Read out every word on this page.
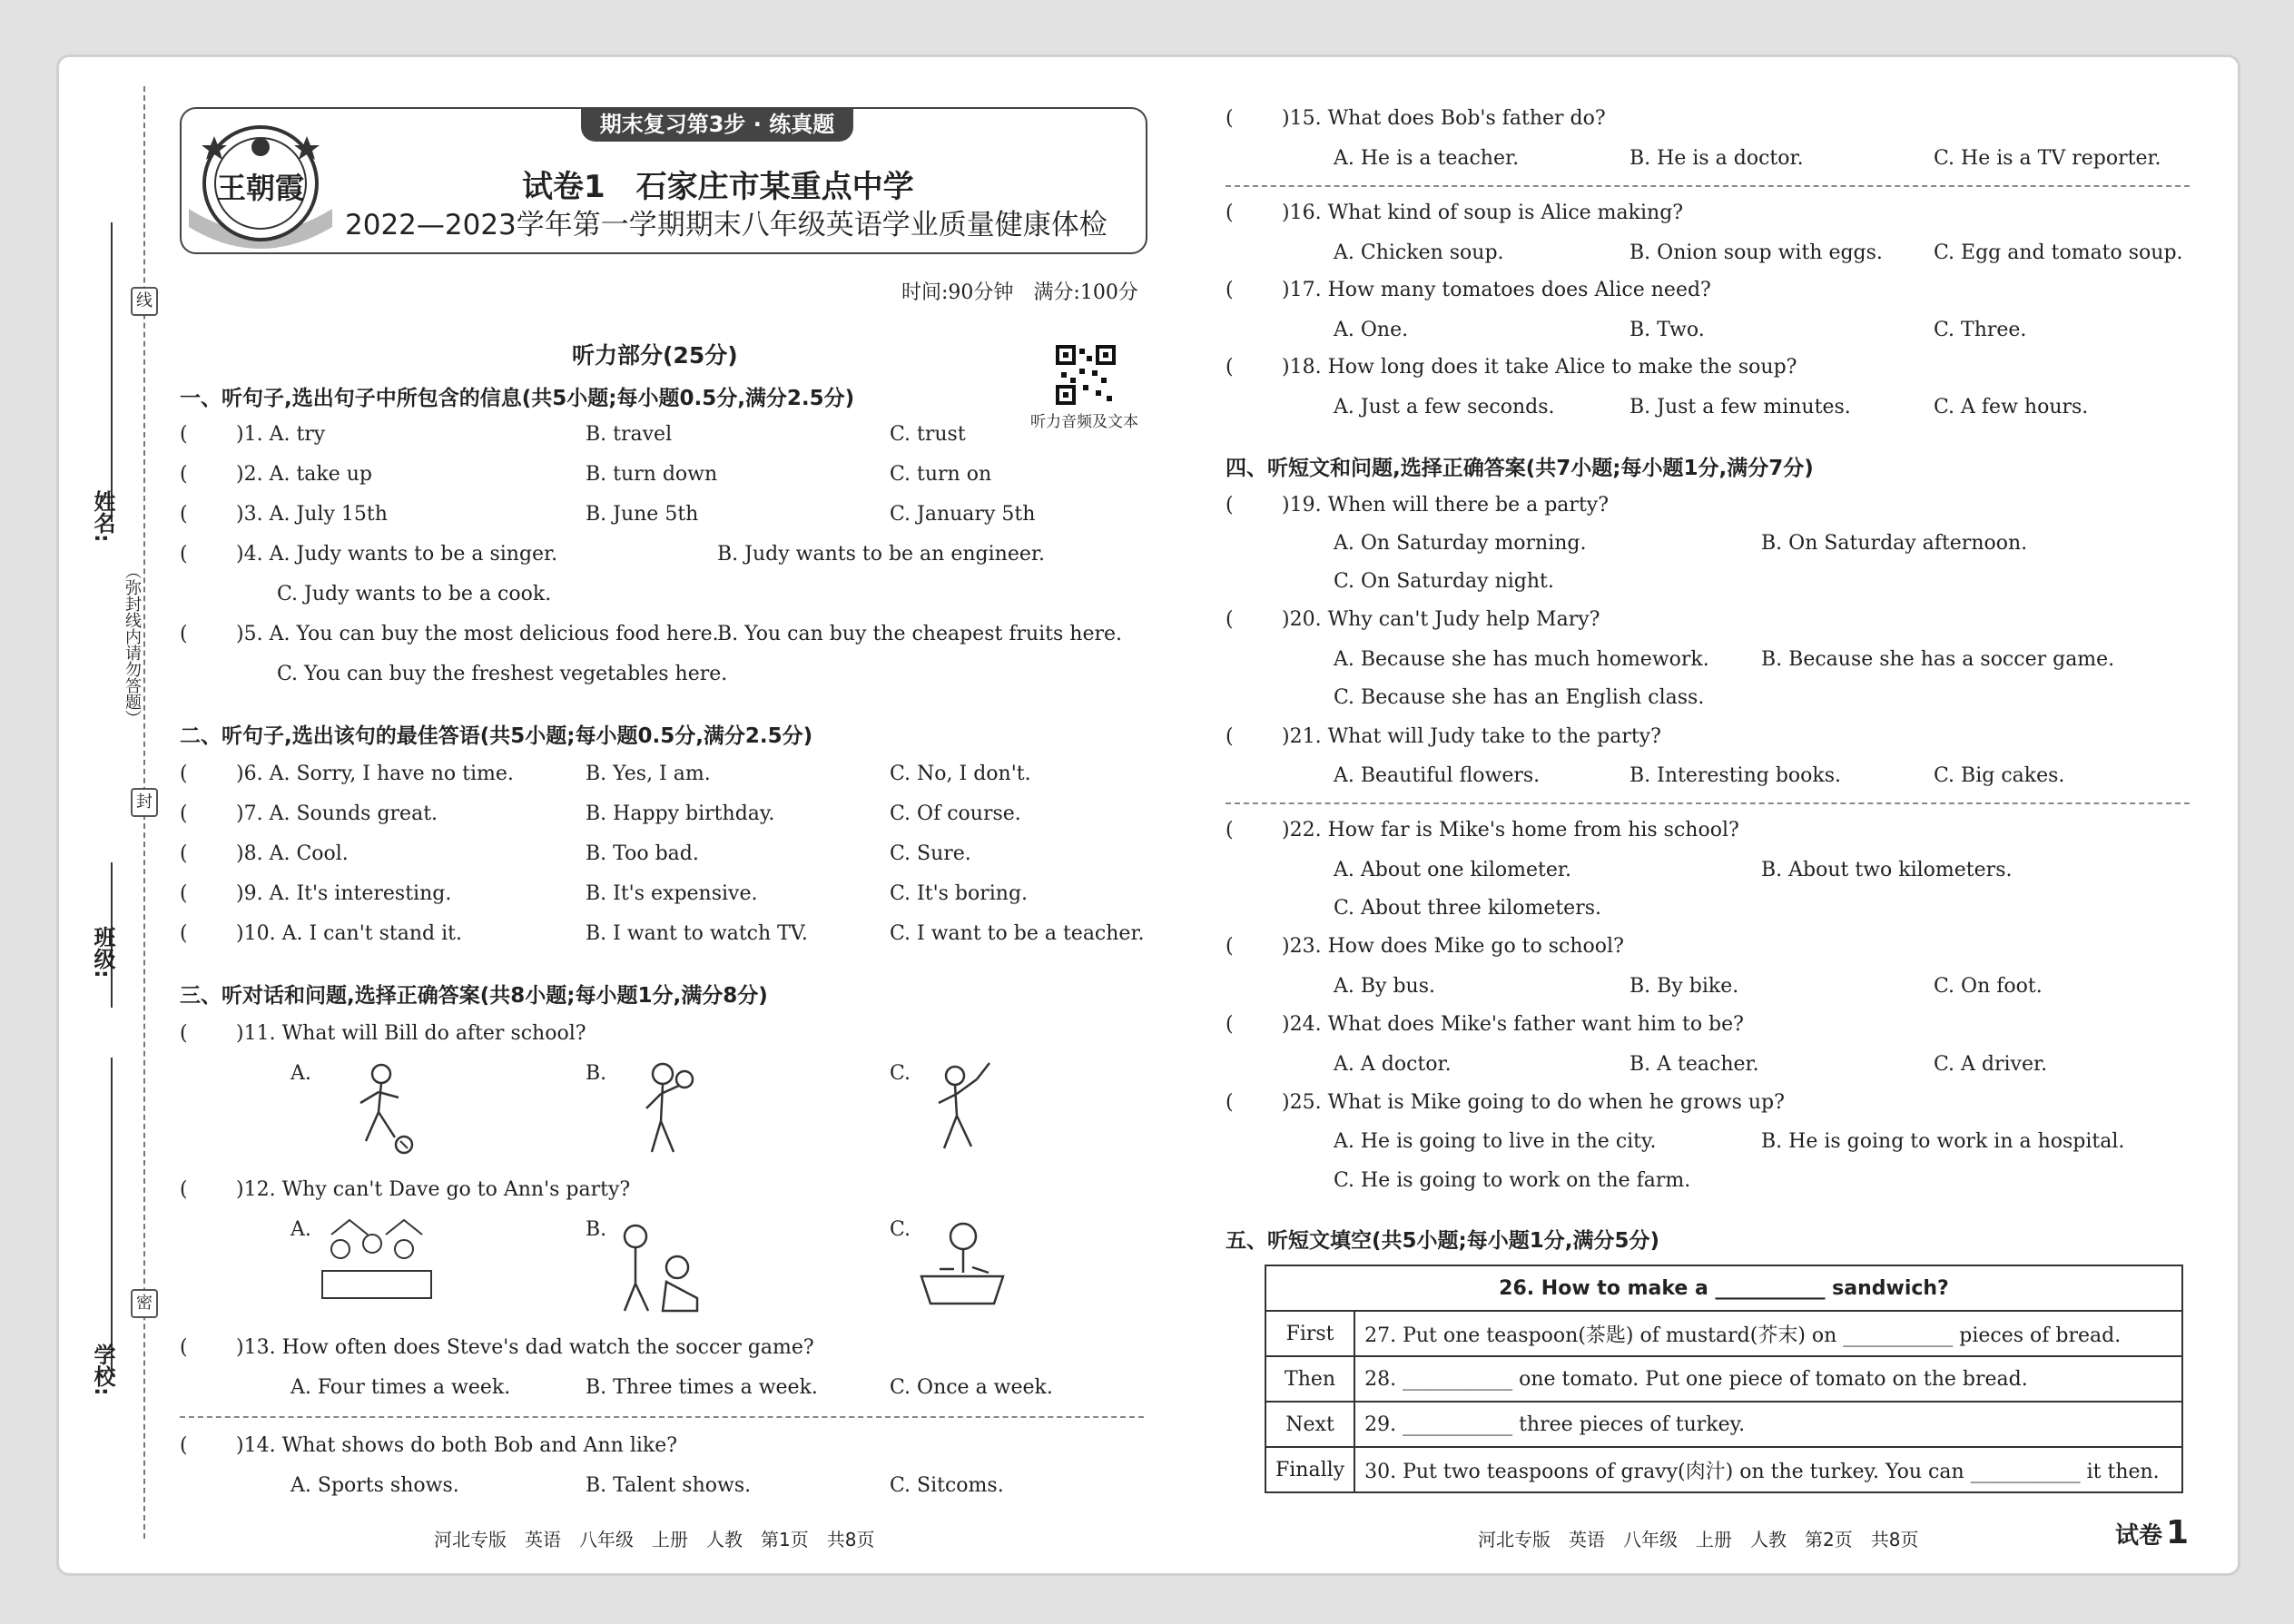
姓名:
班级:
学校:
（弥封线内请勿答题）
线
封
密
期末复习第3步 · 练真题
王朝霞	试卷1　石家庄市某重点中学
2022—2023学年第一学期期末八年级英语学业质量健康体检
时间:90分钟　满分:100分
听力音频及文本
听力部分(25分)
一、听句子,选出句子中所包含的信息(共5小题;每小题0.5分,满分2.5分)
( )1. A. try	B. travel	C. trust
( )2. A. take up	B. turn down	C. turn on
( )3. A. July 15th	B. June 5th	C. January 5th
( )4. A. Judy wants to be a singer.	B. Judy wants to be an engineer.
C. Judy wants to be a cook.
( )5. A. You can buy the most delicious food here.
B. You can buy the cheapest fruits here.
C. You can buy the freshest vegetables here.
二、听句子,选出该句的最佳答语(共5小题;每小题0.5分,满分2.5分)
( )6. A. Sorry, I have no time.	B. Yes, I am.	C. No, I don't.
( )7. A. Sounds great.	B. Happy birthday.	C. Of course.
( )8. A. Cool.	B. Too bad.	C. Sure.
( )9. A. It's interesting.	B. It's expensive.	C. It's boring.
( )10. A. I can't stand it.	B. I want to watch TV.	C. I want to be a teacher.
三、听对话和问题,选择正确答案(共8小题;每小题1分,满分8分)
( )11. What will Bill do after school?
A.	B.	C.
( )12. Why can't Dave go to Ann's party?
A.	B.	C.
( )13. How often does Steve's dad watch the soccer game?
A. Four times a week.	B. Three times a week.	C. Once a week.
( )14. What shows do both Bob and Ann like?
A. Sports shows.	B. Talent shows.	C. Sitcoms.
河北专版　英语　八年级　上册　人教　第1页　共8页
( )15. What does Bob's father do?
A. He is a teacher.	B. He is a doctor.	C. He is a TV reporter.
( )16. What kind of soup is Alice making?
A. Chicken soup.	B. Onion soup with eggs.	C. Egg and tomato soup.
( )17. How many tomatoes does Alice need?
A. One.	B. Two.	C. Three.
( )18. How long does it take Alice to make the soup?
A. Just a few seconds.	B. Just a few minutes.	C. A few hours.
四、听短文和问题,选择正确答案(共7小题;每小题1分,满分7分)
( )19. When will there be a party?
A. On Saturday morning.	B. On Saturday afternoon.
C. On Saturday night.
( )20. Why can't Judy help Mary?
A. Because she has much homework.	B. Because she has a soccer game.
C. Because she has an English class.
( )21. What will Judy take to the party?
A. Beautiful flowers.	B. Interesting books.	C. Big cakes.
( )22. How far is Mike's home from his school?
A. About one kilometer.	B. About two kilometers.
C. About three kilometers.
( )23. How does Mike go to school?
A. By bus.	B. By bike.	C. On foot.
( )24. What does Mike's father want him to be?
A. A doctor.	B. A teacher.	C. A driver.
( )25. What is Mike going to do when he grows up?
A. He is going to live in the city.	B. He is going to work in a hospital.
C. He is going to work on the farm.
五、听短文填空(共5小题;每小题1分,满分5分)
26. How to make a ___________ sandwich?	
First	27. Put one teaspoon(茶匙) of mustard(芥末) on ___________ pieces of bread.
Then	28. ___________ one tomato. Put one piece of tomato on the bread.
Next	29. ___________ three pieces of turkey.
Finally	30. Put two teaspoons of gravy(肉汁) on the turkey. You can ___________ it then.
河北专版　英语　八年级　上册　人教　第2页　共8页	试卷 1
